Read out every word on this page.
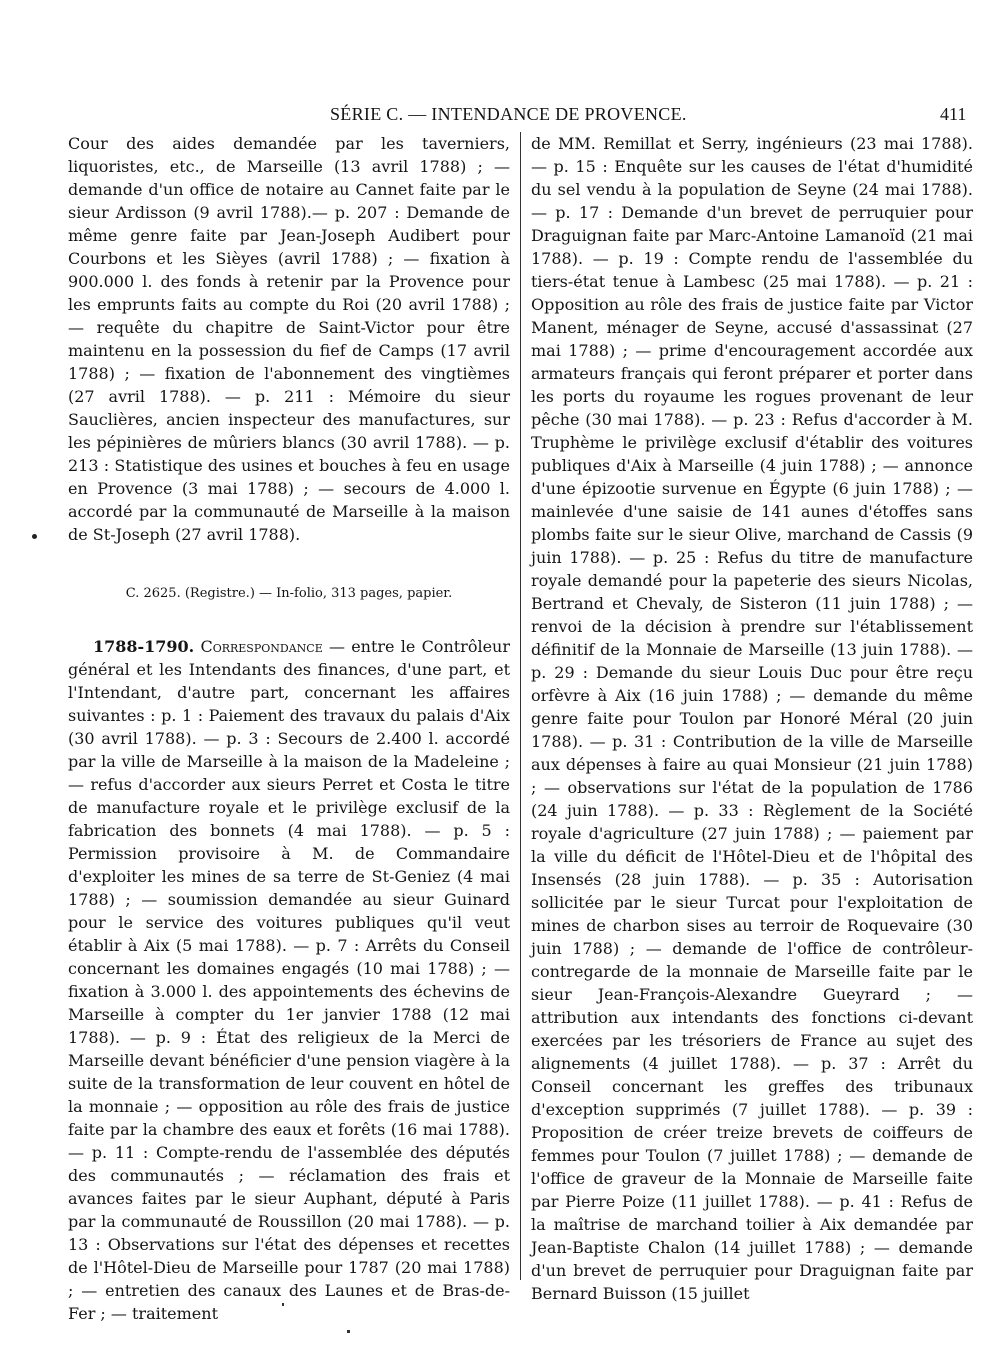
SÉRIE C. — INTENDANCE DE PROVENCE.	411

Cour des aides demandée par les taverniers, liquoristes, etc., de Marseille (13 avril 1788) ; — demande d'un office de notaire au Cannet faite par le sieur Ardisson (9 avril 1788).— p. 207 : Demande de même genre faite par Jean-Joseph Audibert pour Courbons et les Sièyes (avril 1788) ; — fixation à 900.000 l. des fonds à retenir par la Provence pour les emprunts faits au compte du Roi (20 avril 1788) ; — requête du chapitre de Saint-Victor pour être maintenu en la possession du fief de Camps (17 avril 1788) ; — fixation de l'abonnement des vingtièmes (27 avril 1788). — p. 211 : Mémoire du sieur Sauclières, ancien inspecteur des manufactures, sur les pépinières de mûriers blancs (30 avril 1788). — p. 213 : Statistique des usines et bouches à feu en usage en Provence (3 mai 1788) ; — secours de 4.000 l. accordé par la communauté de Marseille à la maison de St-Joseph (27 avril 1788).

C. 2625. (Registre.) — In-folio, 313 pages, papier.

1788-1790. Correspondance — entre le Contrôleur général et les Intendants des finances, d'une part, et l'Intendant, d'autre part, concernant les affaires suivantes : p. 1 : Paiement des travaux du palais d'Aix (30 avril 1788). — p. 3 : Secours de 2.400 l. accordé par la ville de Marseille à la maison de la Madeleine ; — refus d'accorder aux sieurs Perret et Costa le titre de manufacture royale et le privilège exclusif de la fabrication des bonnets (4 mai 1788). — p. 5 : Permission provisoire à M. de Commandaire d'exploiter les mines de sa terre de St-Geniez (4 mai 1788) ; — soumission demandée au sieur Guinard pour le service des voitures publiques qu'il veut établir à Aix (5 mai 1788). — p. 7 : Arrêts du Conseil concernant les domaines engagés (10 mai 1788) ; — fixation à 3.000 l. des appointements des échevins de Marseille à compter du 1er janvier 1788 (12 mai 1788). — p. 9 : État des religieux de la Merci de Marseille devant bénéficier d'une pension viagère à la suite de la transformation de leur couvent en hôtel de la monnaie ; — opposition au rôle des frais de justice faite par la chambre des eaux et forêts (16 mai 1788). — p. 11 : Compte-rendu de l'assemblée des députés des communautés ; — réclamation des frais et avances faites par le sieur Auphant, député à Paris par la communauté de Roussillon (20 mai 1788). — p. 13 : Observations sur l'état des dépenses et recettes de l'Hôtel-Dieu de Marseille pour 1787 (20 mai 1788) ; — entretien des canaux des Launes et de Bras-de-Fer ; — traitement

de MM. Remillat et Serry, ingénieurs (23 mai 1788). — p. 15 : Enquête sur les causes de l'état d'humidité du sel vendu à la population de Seyne (24 mai 1788). — p. 17 : Demande d'un brevet de perruquier pour Draguignan faite par Marc-Antoine Lamanoïd (21 mai 1788). — p. 19 : Compte rendu de l'assemblée du tiers-état tenue à Lambesc (25 mai 1788). — p. 21 : Opposition au rôle des frais de justice faite par Victor Manent, ménager de Seyne, accusé d'assassinat (27 mai 1788) ; — prime d'encouragement accordée aux armateurs français qui feront préparer et porter dans les ports du royaume les rogues provenant de leur pêche (30 mai 1788). — p. 23 : Refus d'accorder à M. Truphème le privilège exclusif d'établir des voitures publiques d'Aix à Marseille (4 juin 1788) ; — annonce d'une épizootie survenue en Égypte (6 juin 1788) ; — mainlevée d'une saisie de 141 aunes d'étoffes sans plombs faite sur le sieur Olive, marchand de Cassis (9 juin 1788). — p. 25 : Refus du titre de manufacture royale demandé pour la papeterie des sieurs Nicolas, Bertrand et Chevaly, de Sisteron (11 juin 1788) ; — renvoi de la décision à prendre sur l'établissement définitif de la Monnaie de Marseille (13 juin 1788). — p. 29 : Demande du sieur Louis Duc pour être reçu orfèvre à Aix (16 juin 1788) ; — demande du même genre faite pour Toulon par Honoré Méral (20 juin 1788). — p. 31 : Contribution de la ville de Marseille aux dépenses à faire au quai Monsieur (21 juin 1788) ; — observations sur l'état de la population de 1786 (24 juin 1788). — p. 33 : Règlement de la Société royale d'agriculture (27 juin 1788) ; — paiement par la ville du déficit de l'Hôtel-Dieu et de l'hôpital des Insensés (28 juin 1788). — p. 35 : Autorisation sollicitée par le sieur Turcat pour l'exploitation de mines de charbon sises au terroir de Roquevaire (30 juin 1788) ; — demande de l'office de contrôleur-contregarde de la monnaie de Marseille faite par le sieur Jean-François-Alexandre Gueyrard ; — attribution aux intendants des fonctions ci-devant exercées par les trésoriers de France au sujet des alignements (4 juillet 1788). — p. 37 : Arrêt du Conseil concernant les greffes des tribunaux d'exception supprimés (7 juillet 1788). — p. 39 : Proposition de créer treize brevets de coiffeurs de femmes pour Toulon (7 juillet 1788) ; — demande de l'office de graveur de la Monnaie de Marseille faite par Pierre Poize (11 juillet 1788). — p. 41 : Refus de la maîtrise de marchand toilier à Aix demandée par Jean-Baptiste Chalon (14 juillet 1788) ; — demande d'un brevet de perruquier pour Draguignan faite par Bernard Buisson (15 juillet
